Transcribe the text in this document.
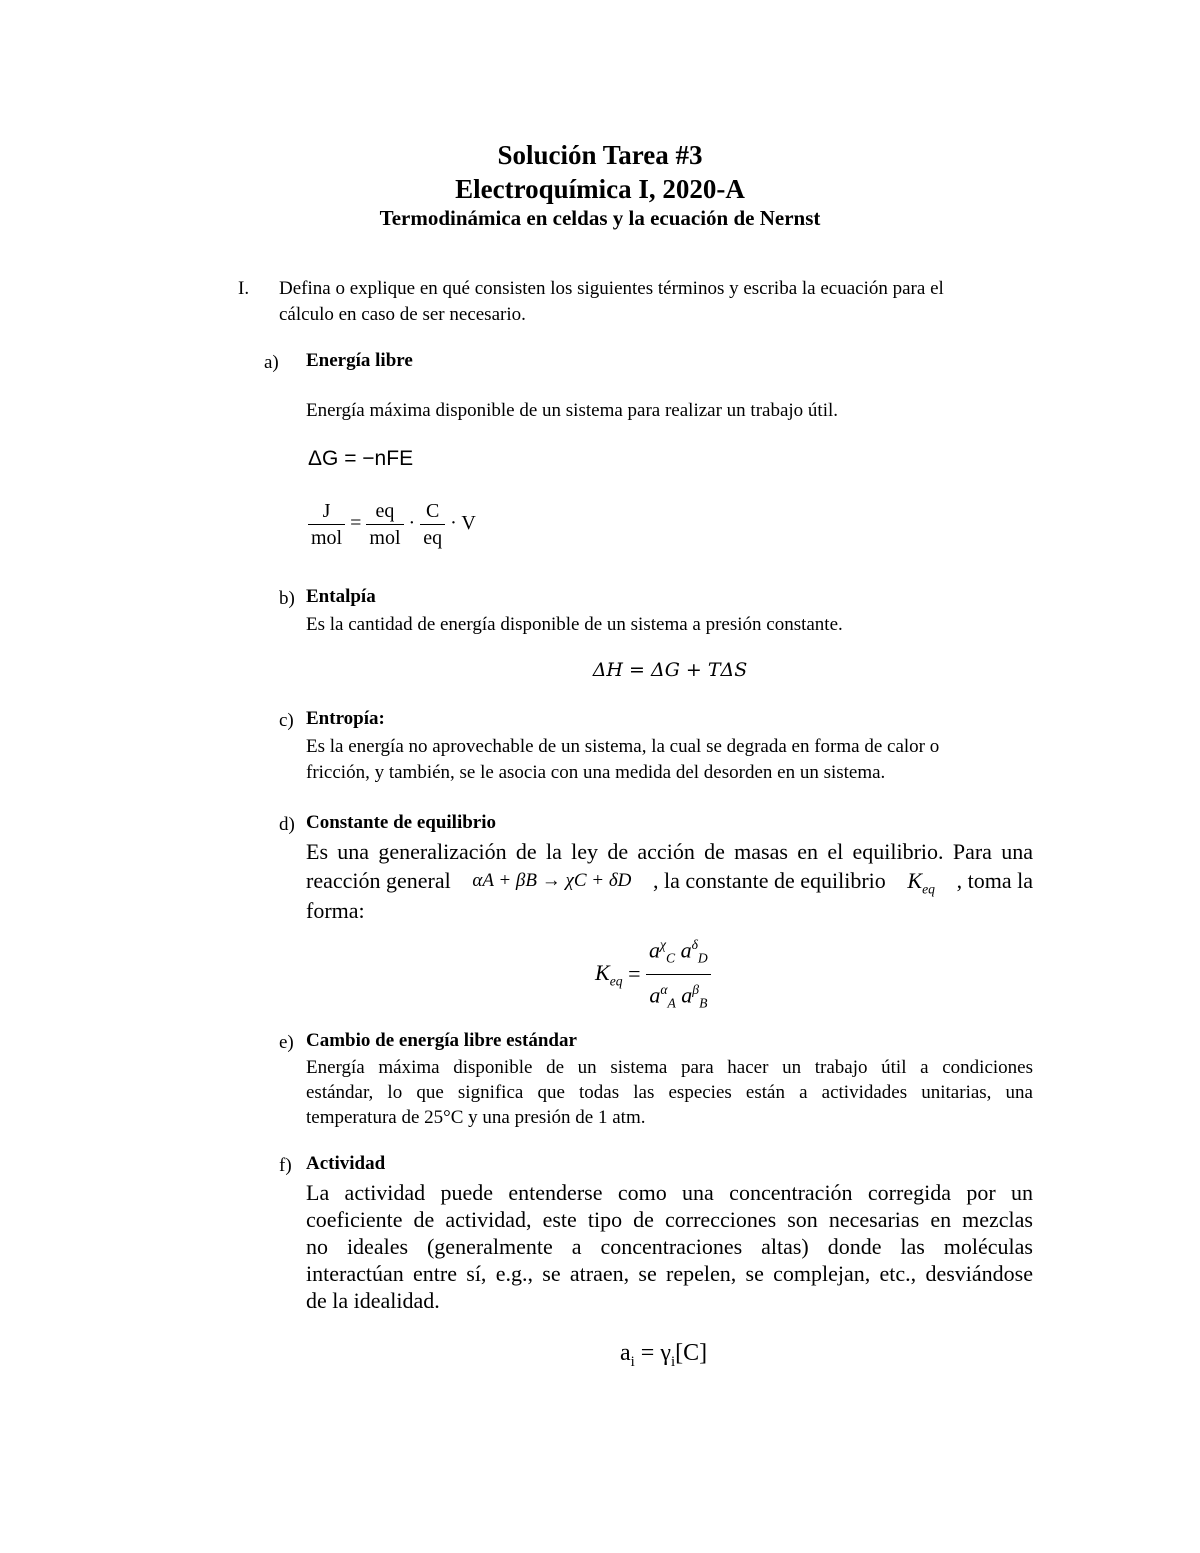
Solución Tarea #3
Electroquímica I, 2020-A
Termodinámica en celdas y la ecuación de Nernst
I. Defina o explique en qué consisten los siguientes términos y escriba la ecuación para el
cálculo en caso de ser necesario.
a) Energía libre
Energía máxima disponible de un sistema para realizar un trabajo útil.
ΔG = −nFE
$\frac{J}{\text{mol}} = \frac{eq}{\text{mol}} \cdot \frac{C}{eq} \cdot V$
b) Entalpía
Es la cantidad de energía disponible de un sistema a presión constante.
ΔH = ΔG + TΔS
c) Entropía:
Es la energía no aprovechable de un sistema, la cual se degrada en forma de calor o
fricción, y también, se le asocia con una medida del desorden en un sistema.
d) Constante de equilibrio
Es una generalización de la ley de acción de masas en el equilibrio. Para una
reacción general αA + βB → χC + δD , la constante de equilibrio $K_{eq}$ , toma la
forma:
$K_{eq} = \frac{a^\chi_C a^\delta_D}{a^\alpha_A a^\beta_B}$
e) Cambio de energía libre estándar
Energía máxima disponible de un sistema para hacer un trabajo útil a condiciones
estándar, lo que significa que todas las especies están a actividades unitarias, una
temperatura de 25°C y una presión de 1 atm.
f) Actividad
La actividad puede entenderse como una concentración corregida por un
coeficiente de actividad, este tipo de correcciones son necesarias en mezclas
no ideales (generalmente a concentraciones altas) donde las moléculas
interactúan entre sí, e.g., se atraen, se repelen, se complejan, etc., desviándose
de la idealidad.
$a_i = \gamma_i[C]$
